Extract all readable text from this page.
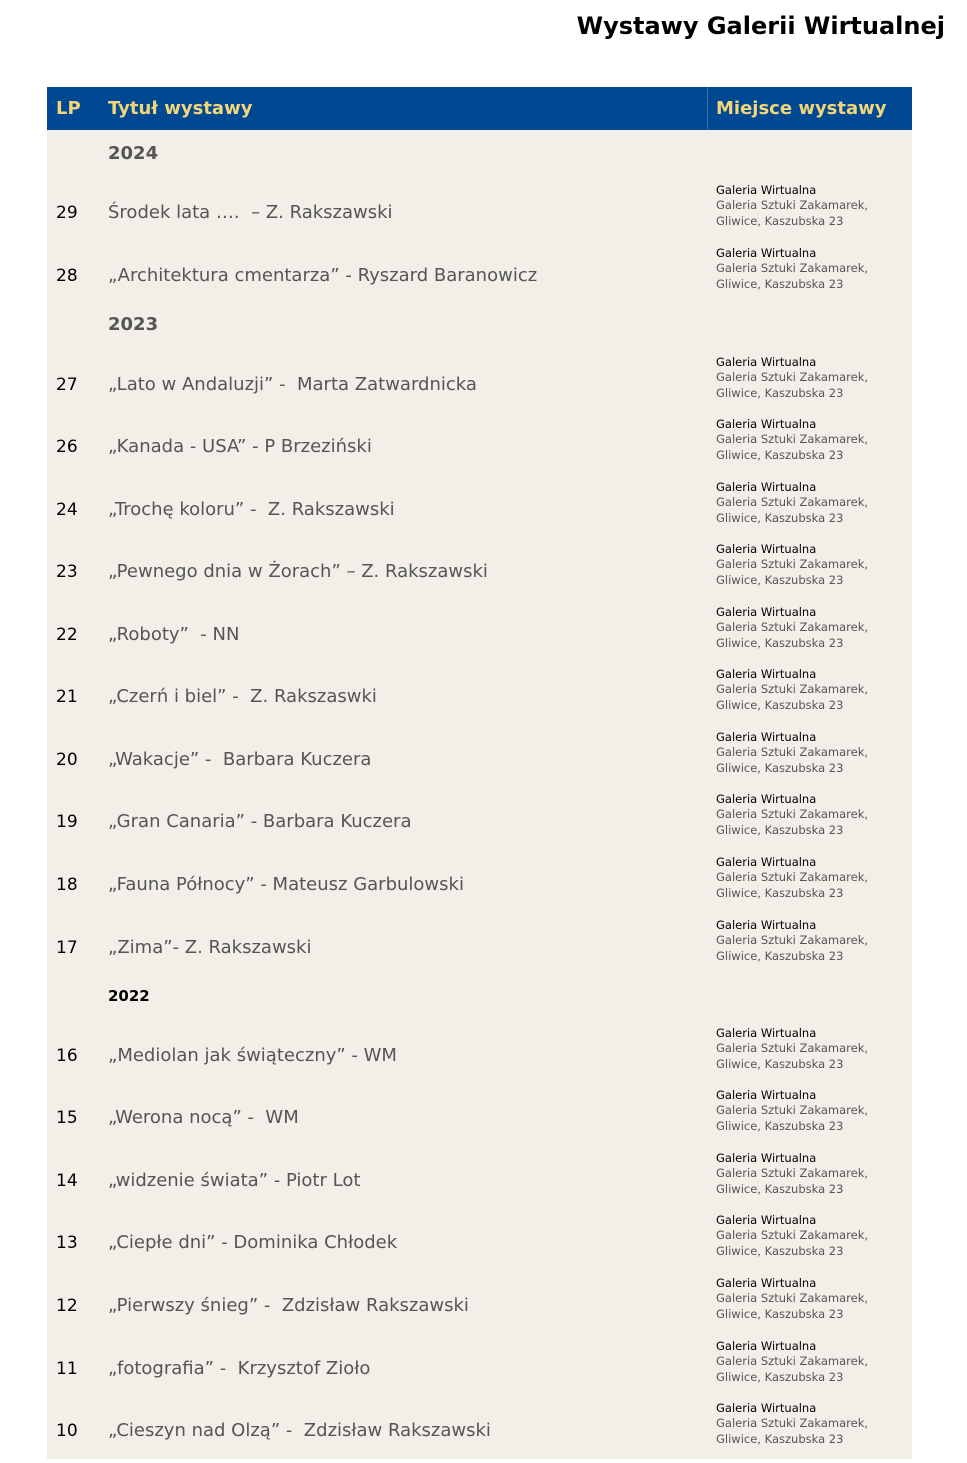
Wystawy Galerii Wirtualnej
LP Tytuł wystawy	Miejsce wystawy
2024
29 Środek lata ….  – Z. Rakszawski
Galeria Wirtualna
Galeria Sztuki Zakamarek,
Gliwice, Kaszubska 23
28 „Architektura cmentarza” - Ryszard Baranowicz
Galeria Wirtualna
Galeria Sztuki Zakamarek,
Gliwice, Kaszubska 23
2023
27 „Lato w Andaluzji” -  Marta Zatwardnicka
Galeria Wirtualna
Galeria Sztuki Zakamarek,
Gliwice, Kaszubska 23
26 „Kanada - USA” - P Brzeziński
Galeria Wirtualna
Galeria Sztuki Zakamarek,
Gliwice, Kaszubska 23
24 „Trochę koloru” -  Z. Rakszawski
Galeria Wirtualna
Galeria Sztuki Zakamarek,
Gliwice, Kaszubska 23
23 „Pewnego dnia w Żorach” – Z. Rakszawski
Galeria Wirtualna
Galeria Sztuki Zakamarek,
Gliwice, Kaszubska 23
22 „Roboty”  - NN
Galeria Wirtualna
Galeria Sztuki Zakamarek,
Gliwice, Kaszubska 23
21 „Czerń i biel” -  Z. Rakszaswki
Galeria Wirtualna
Galeria Sztuki Zakamarek,
Gliwice, Kaszubska 23
20 „Wakacje” -  Barbara Kuczera
Galeria Wirtualna
Galeria Sztuki Zakamarek,
Gliwice, Kaszubska 23
19 „Gran Canaria” - Barbara Kuczera
Galeria Wirtualna
Galeria Sztuki Zakamarek,
Gliwice, Kaszubska 23
18 „Fauna Północy” - Mateusz Garbulowski
Galeria Wirtualna
Galeria Sztuki Zakamarek,
Gliwice, Kaszubska 23
17 „Zima”- Z. Rakszawski
Galeria Wirtualna
Galeria Sztuki Zakamarek,
Gliwice, Kaszubska 23
2022
16 „Mediolan jak świąteczny” - WM
Galeria Wirtualna
Galeria Sztuki Zakamarek,
Gliwice, Kaszubska 23
15 „Werona nocą” -  WM
Galeria Wirtualna
Galeria Sztuki Zakamarek,
Gliwice, Kaszubska 23
14 „widzenie świata” - Piotr Lot
Galeria Wirtualna
Galeria Sztuki Zakamarek,
Gliwice, Kaszubska 23
13 „Ciepłe dni” - Dominika Chłodek
Galeria Wirtualna
Galeria Sztuki Zakamarek,
Gliwice, Kaszubska 23
12 „Pierwszy śnieg” -  Zdzisław Rakszawski
Galeria Wirtualna
Galeria Sztuki Zakamarek,
Gliwice, Kaszubska 23
11 „fotografia” -  Krzysztof Zioło
Galeria Wirtualna
Galeria Sztuki Zakamarek,
Gliwice, Kaszubska 23
10 „Cieszyn nad Olzą” -  Zdzisław Rakszawski
Galeria Wirtualna
Galeria Sztuki Zakamarek,
Gliwice, Kaszubska 23
